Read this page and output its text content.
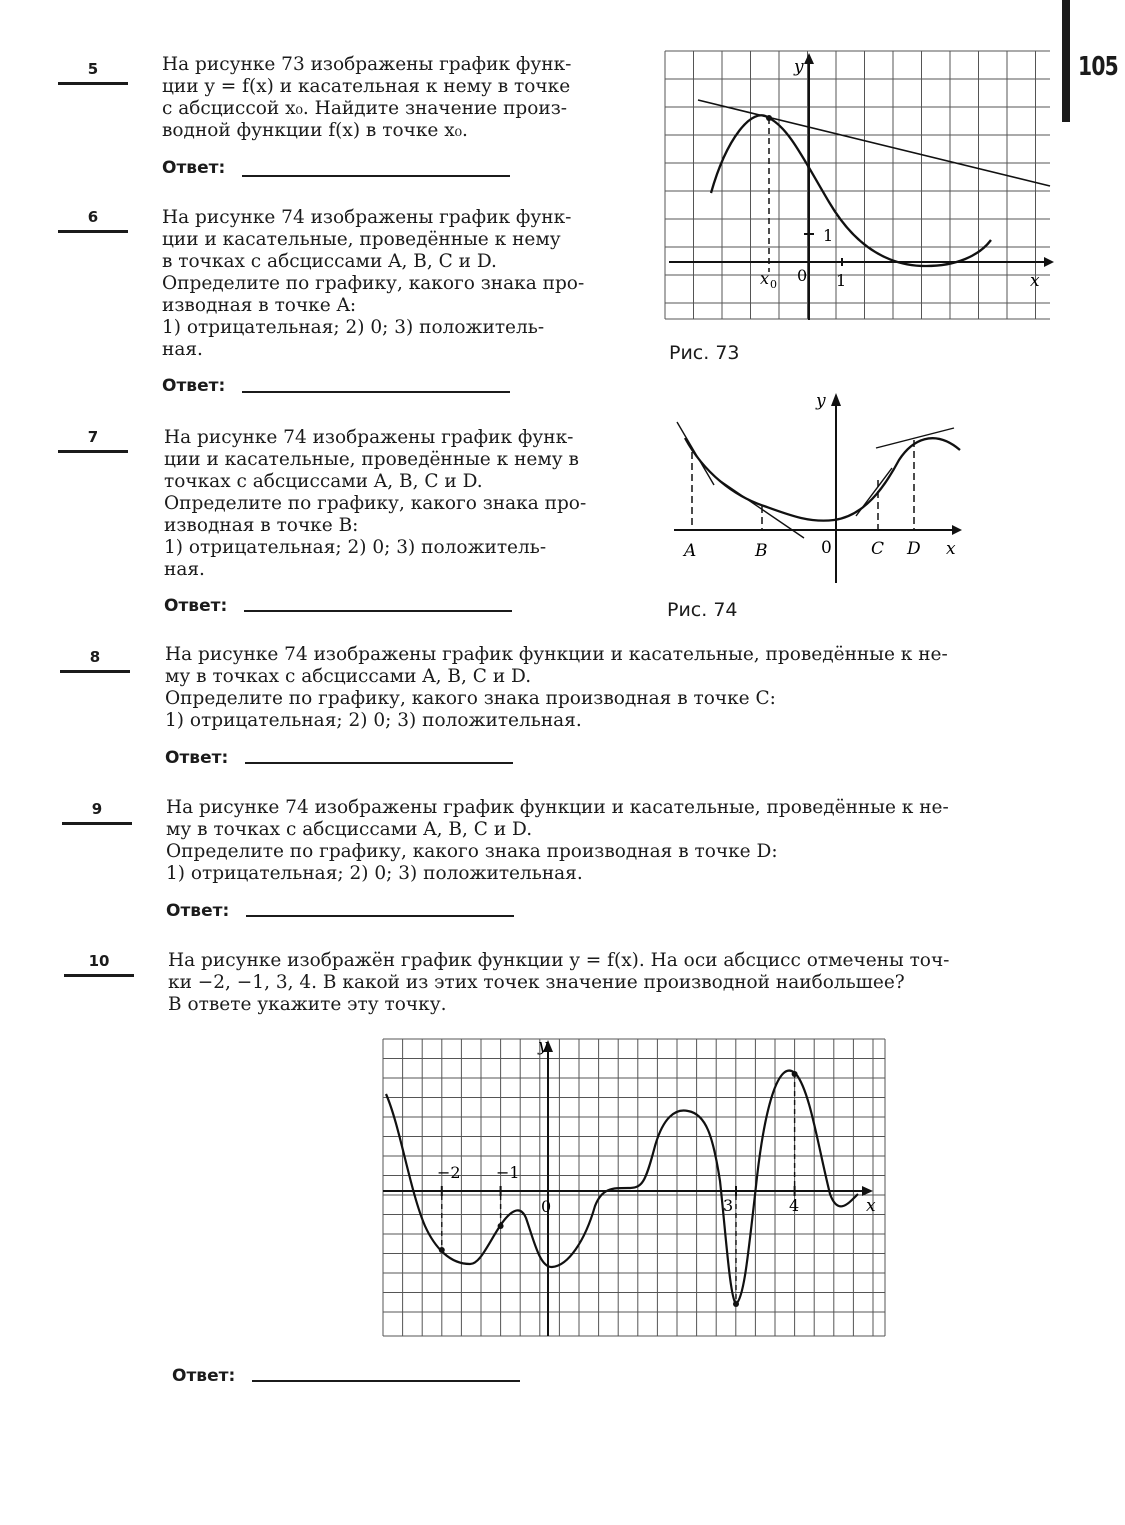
105
5	На рисунке 73 изображены график функ-
ции y = f(x) и касательная к нему в точке
с абсциссой x₀. Найдите значение произ-
водной функции f(x) в точке x₀.
Ответ:
6	На рисунке 74 изображены график функ-
ции и касательные, проведённые к нему
в точках с абсциссами A, B, C и D.
Определите по графику, какого знака про-
изводная в точке A:
1) отрицательная; 2) 0; 3) положитель-
ная.
Ответ:
7	На рисунке 74 изображены график функ-
ции и касательные, проведённые к нему в
точках с абсциссами A, B, C и D.
Определите по графику, какого знака про-
изводная в точке B:
1) отрицательная; 2) 0; 3) положитель-
ная.
Ответ:
8	На рисунке 74 изображены график функции и касательные, проведённые к не-
му в точках с абсциссами A, B, C и D.
Определите по графику, какого знака производная в точке C:
1) отрицательная; 2) 0; 3) положительная.
Ответ:
9	На рисунке 74 изображены график функции и касательные, проведённые к не-
му в точках с абсциссами A, B, C и D.
Определите по графику, какого знака производная в точке D:
1) отрицательная; 2) 0; 3) положительная.
Ответ:
10	На рисунке изображён график функции y = f(x). На оси абсцисс отмечены точ-
ки −2, −1, 3, 4. В какой из этих точек значение производной наибольшее?
В ответе укажите эту точку.
Ответ:
y
x
x 0 0 1
1
Рис. 73
y
x
0
A	B	C D
Рис. 74
y
x
0
−2 −1
3	4
